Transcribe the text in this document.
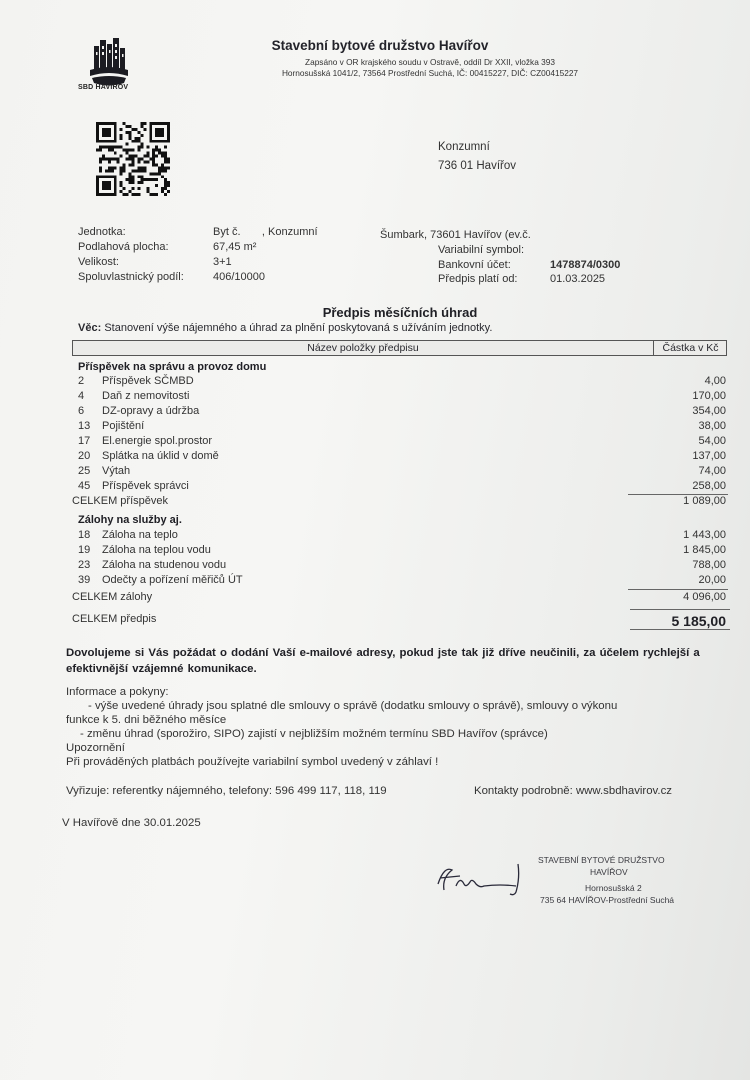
SBD HAVÍŘOV
Stavební bytové družstvo Havířov
Zapsáno v OR krajského soudu v Ostravě, oddíl Dr XXII, vložka 393
Hornosušská 1041/2, 73564 Prostřední Suchá, IČ: 00415227, DIČ: CZ00415227
Konzumní
736 01 Havířov
Jednotka:	Byt č.       , Konzumní	Šumbark, 73601 Havířov (ev.č.
Podlahová plocha:	67,45 m²	Variabilní symbol:
Velikost:	3+1	Bankovní účet:	1478874/0300
Spoluvlastnický podíl:	406/10000	Předpis platí od:	01.03.2025
Předpis měsíčních úhrad
Věc: Stanovení výše nájemného a úhrad za plnění poskytovaná s užíváním jednotky.
Název položky předpisu	Částka v Kč
Příspěvek na správu a provoz domu
2 Příspěvek SČMBD	4,00
4 Daň z nemovitosti	170,00
6 DZ-opravy a údržba	354,00
13 Pojištění	38,00
17 El.energie spol.prostor	54,00
20 Splátka na úklid v domě	137,00
25 Výtah	74,00
45 Příspěvek správci	258,00
CELKEM příspěvek	1 089,00
Zálohy na služby aj.
18 Záloha na teplo	1 443,00
19 Záloha na teplou vodu	1 845,00
23 Záloha na studenou vodu	788,00
39 Odečty a pořízení měřičů ÚT	20,00
CELKEM zálohy	4 096,00
CELKEM předpis	5 185,00
Dovolujeme si Vás požádat o dodání Vaší e-mailové adresy, pokud jste tak již dříve neučinili, za účelem rychlejší a efektivnější vzájemné komunikace.
Informace a pokyny:
- výše uvedené úhrady jsou splatné dle smlouvy o správě (dodatku smlouvy o správě), smlouvy o výkonu
funkce k 5. dni běžného měsíce
- změnu úhrad (sporožiro, SIPO) zajistí v nejbližším možném termínu SBD Havířov (správce)
Upozornění
Při prováděných platbách používejte variabilní symbol uvedený v záhlaví !
Vyřizuje: referentky nájemného, telefony: 596 499 117, 118, 119	Kontakty podrobně: www.sbdhavirov.cz
V Havířově dne 30.01.2025
STAVEBNÍ BYTOVÉ DRUŽSTVO
HAVÍŘOV
Hornosušská 2
735 64 HAVÍŘOV-Prostřední Suchá
